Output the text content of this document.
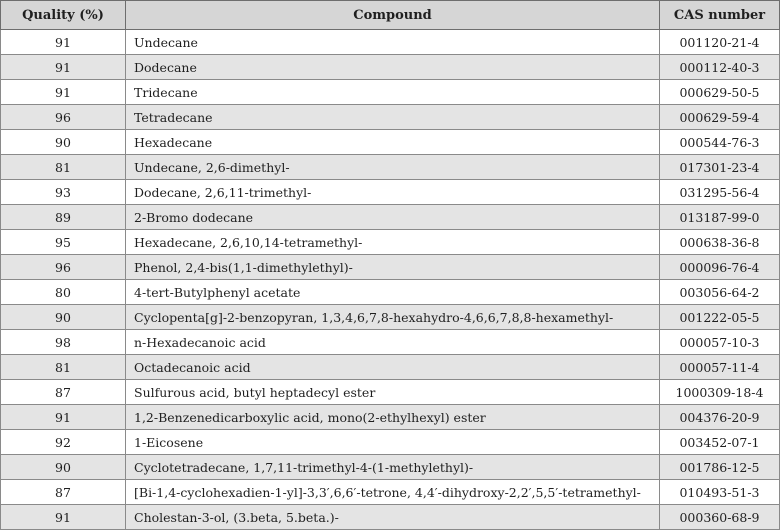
Quality (%)	Compound	CAS number
91	Undecane	001120-21-4
91	Dodecane	000112-40-3
91	Tridecane	000629-50-5
96	Tetradecane	000629-59-4
90	Hexadecane	000544-76-3
81	Undecane, 2,6-dimethyl-	017301-23-4
93	Dodecane, 2,6,11-trimethyl-	031295-56-4
89	2-Bromo dodecane	013187-99-0
95	Hexadecane, 2,6,10,14-tetramethyl-	000638-36-8
96	Phenol, 2,4-bis(1,1-dimethylethyl)-	000096-76-4
80	4-tert-Butylphenyl acetate	003056-64-2
90	Cyclopenta[g]-2-benzopyran, 1,3,4,6,7,8-hexahydro-4,6,6,7,8,8-hexamethyl-	001222-05-5
98	n-Hexadecanoic acid	000057-10-3
81	Octadecanoic acid	000057-11-4
87	Sulfurous acid, butyl heptadecyl ester	1000309-18-4
91	1,2-Benzenedicarboxylic acid, mono(2-ethylhexyl) ester	004376-20-9
92	1-Eicosene	003452-07-1
90	Cyclotetradecane, 1,7,11-trimethyl-4-(1-methylethyl)-	001786-12-5
87	[Bi-1,4-cyclohexadien-1-yl]-3,3′,6,6′-tetrone, 4,4′-dihydroxy-2,2′,5,5′-tetramethyl-	010493-51-3
91	Cholestan-3-ol, (3.beta, 5.beta.)-	000360-68-9
